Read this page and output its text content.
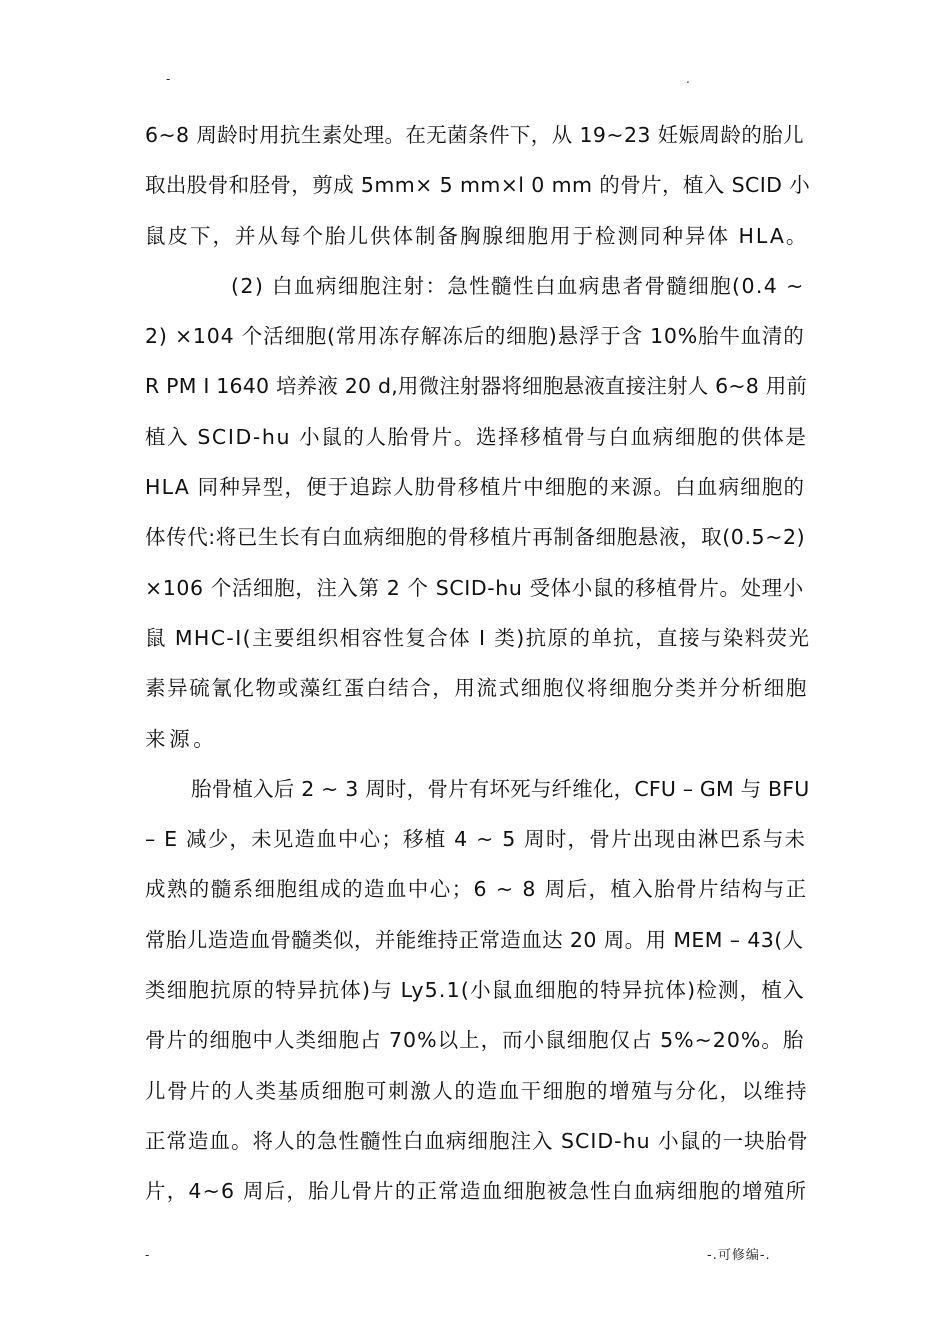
-	.
6~8 周龄时用抗生素处理。在无菌条件下，从 19~23 妊娠周龄的胎儿
取出股骨和胫骨，剪成 5mm× 5 mm×l 0 mm 的骨片，植入 SCID 小
鼠皮下，并从每个胎儿供体制备胸腺细胞用于检测同种异体 HLA。
(2) 白血病细胞注射：急性髓性白血病患者骨髓细胞(0.4 ~
2) ×104 个活细胞(常用冻存解冻后的细胞)悬浮于含 10%胎牛血清的
R PM I 1640 培养液 20 d,用微注射器将细胞悬液直接注射人 6~8 用前
植入 SCID-hu 小鼠的人胎骨片。选择移植骨与白血病细胞的供体是
HLA 同种异型，便于追踪人肋骨移植片中细胞的来源。白血病细胞的
体传代:将已生长有白血病细胞的骨移植片再制备细胞悬液，取(0.5~2)
×106 个活细胞，注入第 2 个 SCID-hu 受体小鼠的移植骨片。处理小
鼠 MHC-I(主要组织相容性复合体 I 类)抗原的单抗，直接与染料荧光
素异硫氰化物或藻红蛋白结合，用流式细胞仪将细胞分类并分析细胞
来源。
胎骨植入后 2 ~ 3 周时，骨片有坏死与纤维化，CFU – GM 与 BFU
– E 减少，未见造血中心；移植 4 ~ 5 周时，骨片出现由淋巴系与未
成熟的髓系细胞组成的造血中心；6 ~ 8 周后，植入胎骨片结构与正
常胎儿造造血骨髓类似，并能维持正常造血达 20 周。用 MEM – 43(人
类细胞抗原的特异抗体)与 Ly5.1(小鼠血细胞的特异抗体)检测，植入
骨片的细胞中人类细胞占 70%以上，而小鼠细胞仅占 5%~20%。胎
儿骨片的人类基质细胞可刺激人的造血干细胞的增殖与分化，以维持
正常造血。将人的急性髓性白血病细胞注入 SCID-hu 小鼠的一块胎骨
片，4~6 周后，胎儿骨片的正常造血细胞被急性白血病细胞的增殖所
-	-.可修编-.
